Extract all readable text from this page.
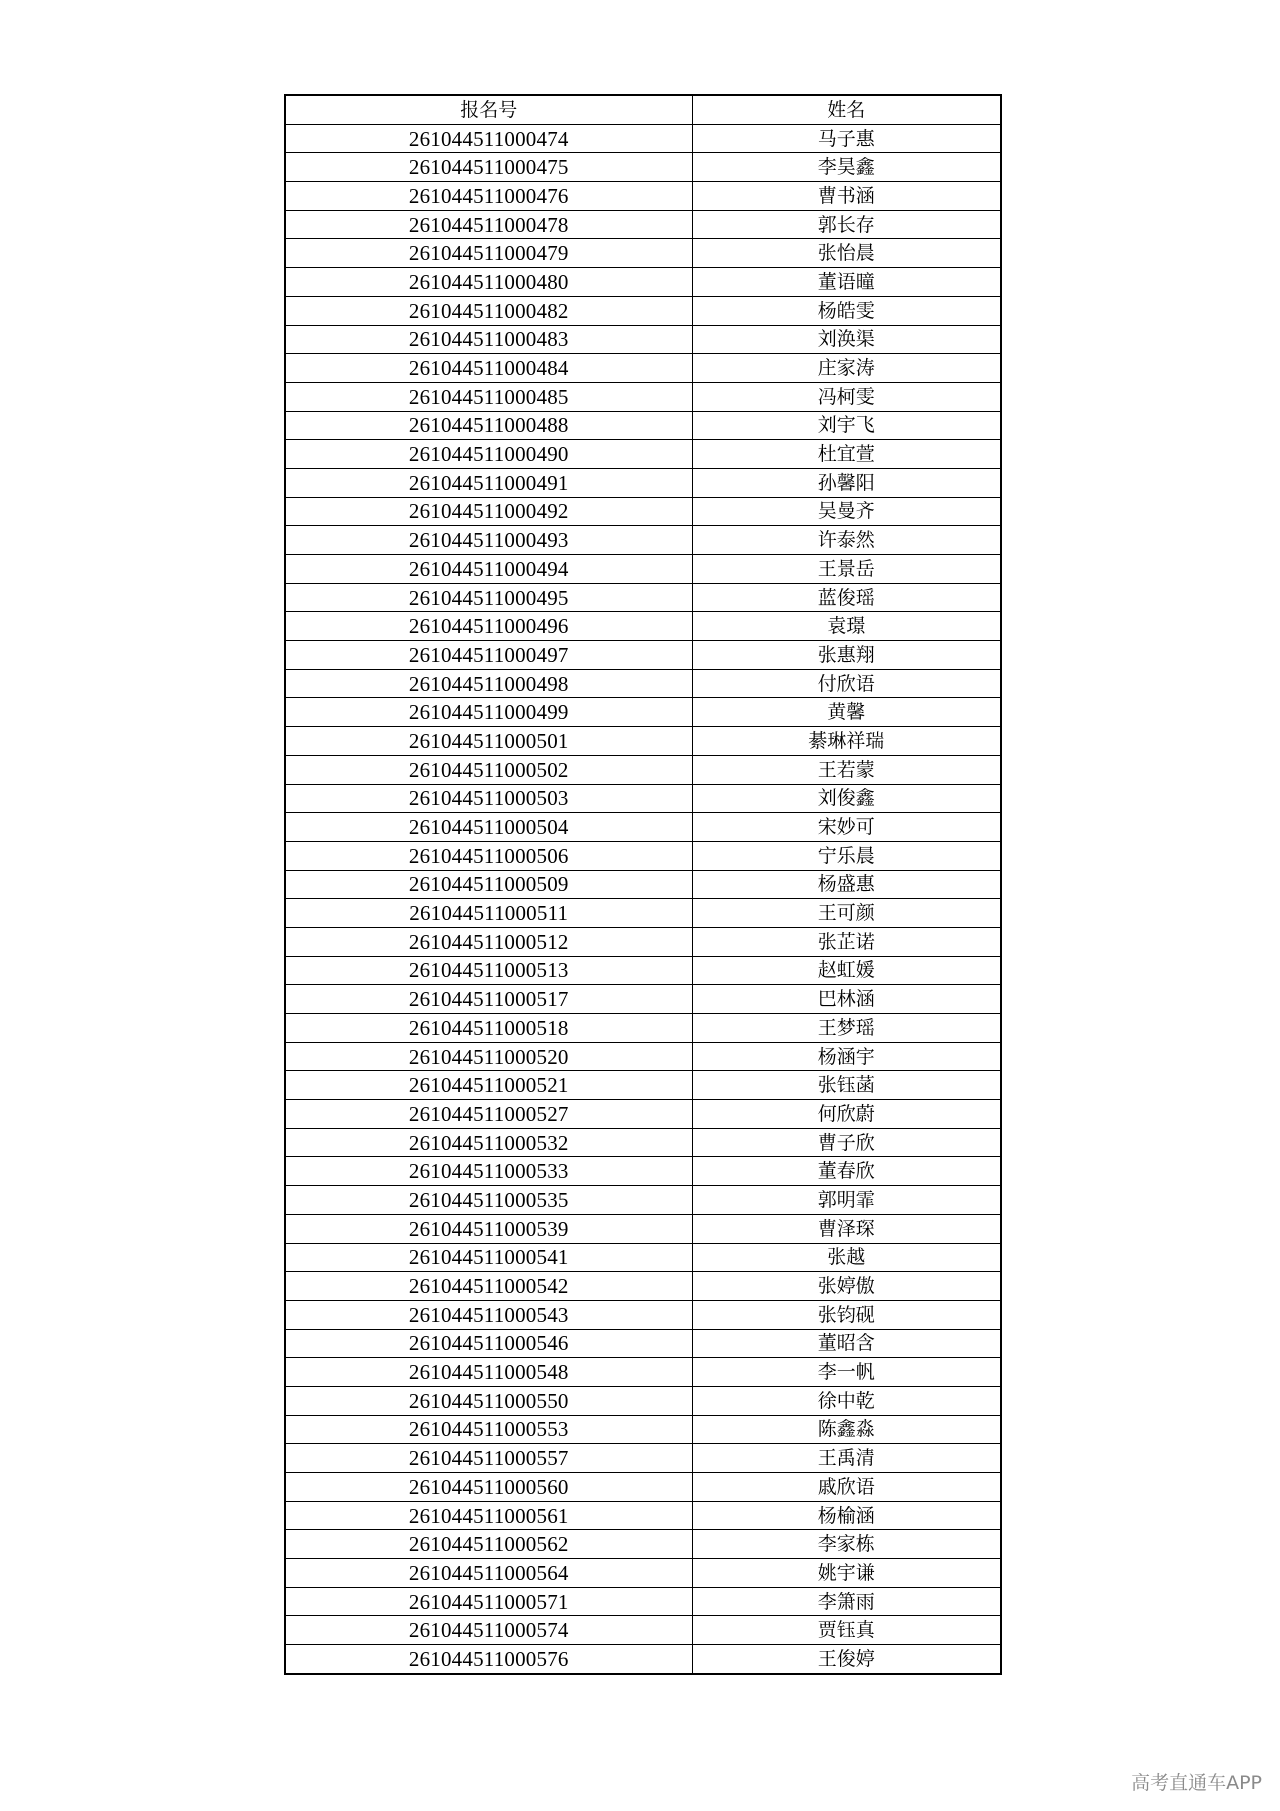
报名号	姓名
261044511000474	马子惠
261044511000475	李昊鑫
261044511000476	曹书涵
261044511000478	郭长存
261044511000479	张怡晨
261044511000480	董语曈
261044511000482	杨皓雯
261044511000483	刘涣渠
261044511000484	庄家涛
261044511000485	冯柯雯
261044511000488	刘宇飞
261044511000490	杜宜萱
261044511000491	孙馨阳
261044511000492	吴曼齐
261044511000493	许泰然
261044511000494	王景岳
261044511000495	蓝俊瑶
261044511000496	袁璟
261044511000497	张惠翔
261044511000498	付欣语
261044511000499	黄馨
261044511000501	綦琳祥瑞
261044511000502	王若蒙
261044511000503	刘俊鑫
261044511000504	宋妙可
261044511000506	宁乐晨
261044511000509	杨盛惠
261044511000511	王可颜
261044511000512	张芷诺
261044511000513	赵虹媛
261044511000517	巴林涵
261044511000518	王梦瑶
261044511000520	杨涵宇
261044511000521	张钰菡
261044511000527	何欣蔚
261044511000532	曹子欣
261044511000533	董春欣
261044511000535	郭明霏
261044511000539	曹泽琛
261044511000541	张越
261044511000542	张婷傲
261044511000543	张钧砚
261044511000546	董昭含
261044511000548	李一帆
261044511000550	徐中乾
261044511000553	陈鑫淼
261044511000557	王禹清
261044511000560	戚欣语
261044511000561	杨榆涵
261044511000562	李家栋
261044511000564	姚宇谦
261044511000571	李箫雨
261044511000574	贾钰真
261044511000576	王俊婷
高考直通车APP
